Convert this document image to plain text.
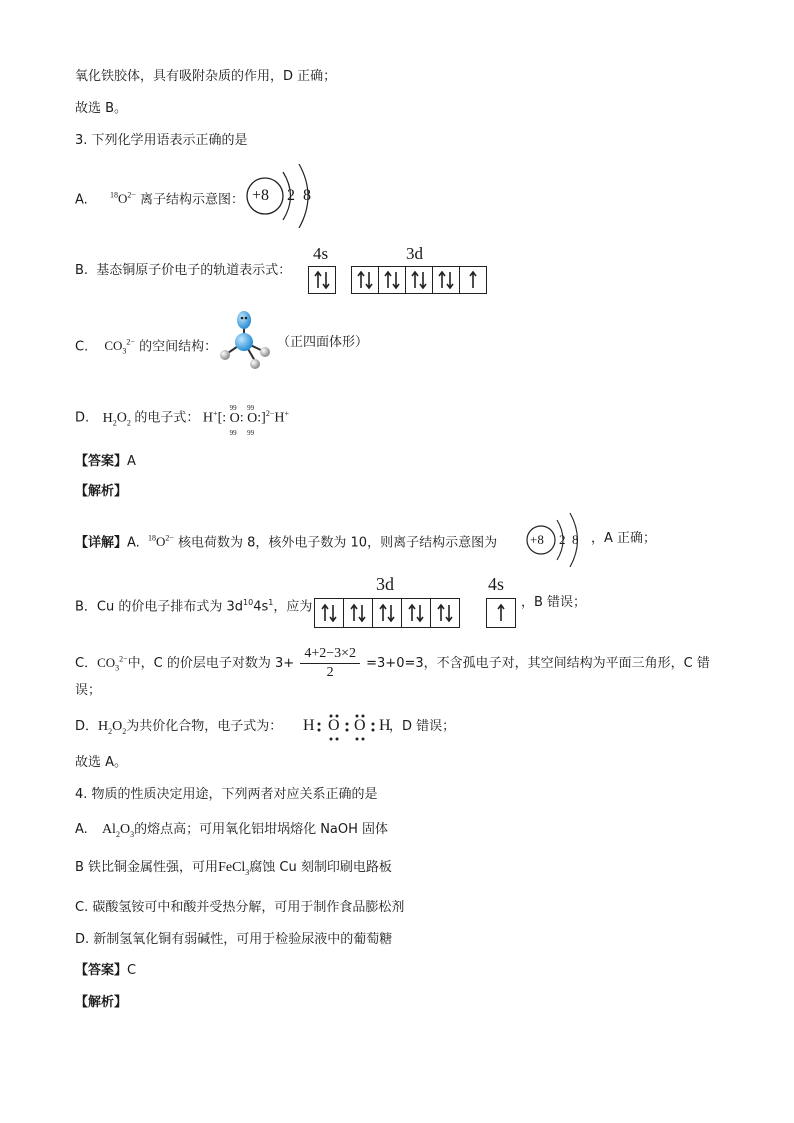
氧化铁胶体，具有吸附杂质的作用，D 正确；
故选 B。
3. 下列化学用语表示正确的是
A.	$^{18}O^{2-}$ 离子结构示意图： +8 2 8
B. 基态铜原子价电子的轨道表示式：
4s	3d
C. $CO_3^{2-}$ 的空间结构：	（正四面体形）
D. $H_2O_2$ 的电子式： H+[: O
99
99
: O
99
99
:]$^{2-}$H+
【答案】A
【解析】
【详解】A. $^{18}O^{2-}$ 核电荷数为 8，核外电子数为 10，则离子结构示意图为	+8 2 8 ，A 正确；
B．Cu 的价电子排布式为 $3d^{10}4s^1$，应为
3d	4s
，B 错误；
C．$CO_3^{2-}$中，C 的价层电子对数为 $3+ \frac{4+2-3\times 2}{2} =3+0=3$，不含孤电子对，其空间结构为平面三角形，C 错
误；
D．$H_2O_2$为共价化合物，电子式为： H O O H
，D 错误；
故选 A。
4. 物质的性质决定用途，下列两者对应关系正确的是
A. $Al_2O_3$的熔点高；可用氧化铝坩埚熔化 NaOH 固体
B 铁比铜金属性强，可用FeCl$_3$腐蚀 Cu 刻制印刷电路板
C. 碳酸氢铵可中和酸并受热分解，可用于制作食品膨松剂
D. 新制氢氧化铜有弱碱性，可用于检验尿液中的葡萄糖
【答案】C
【解析】
